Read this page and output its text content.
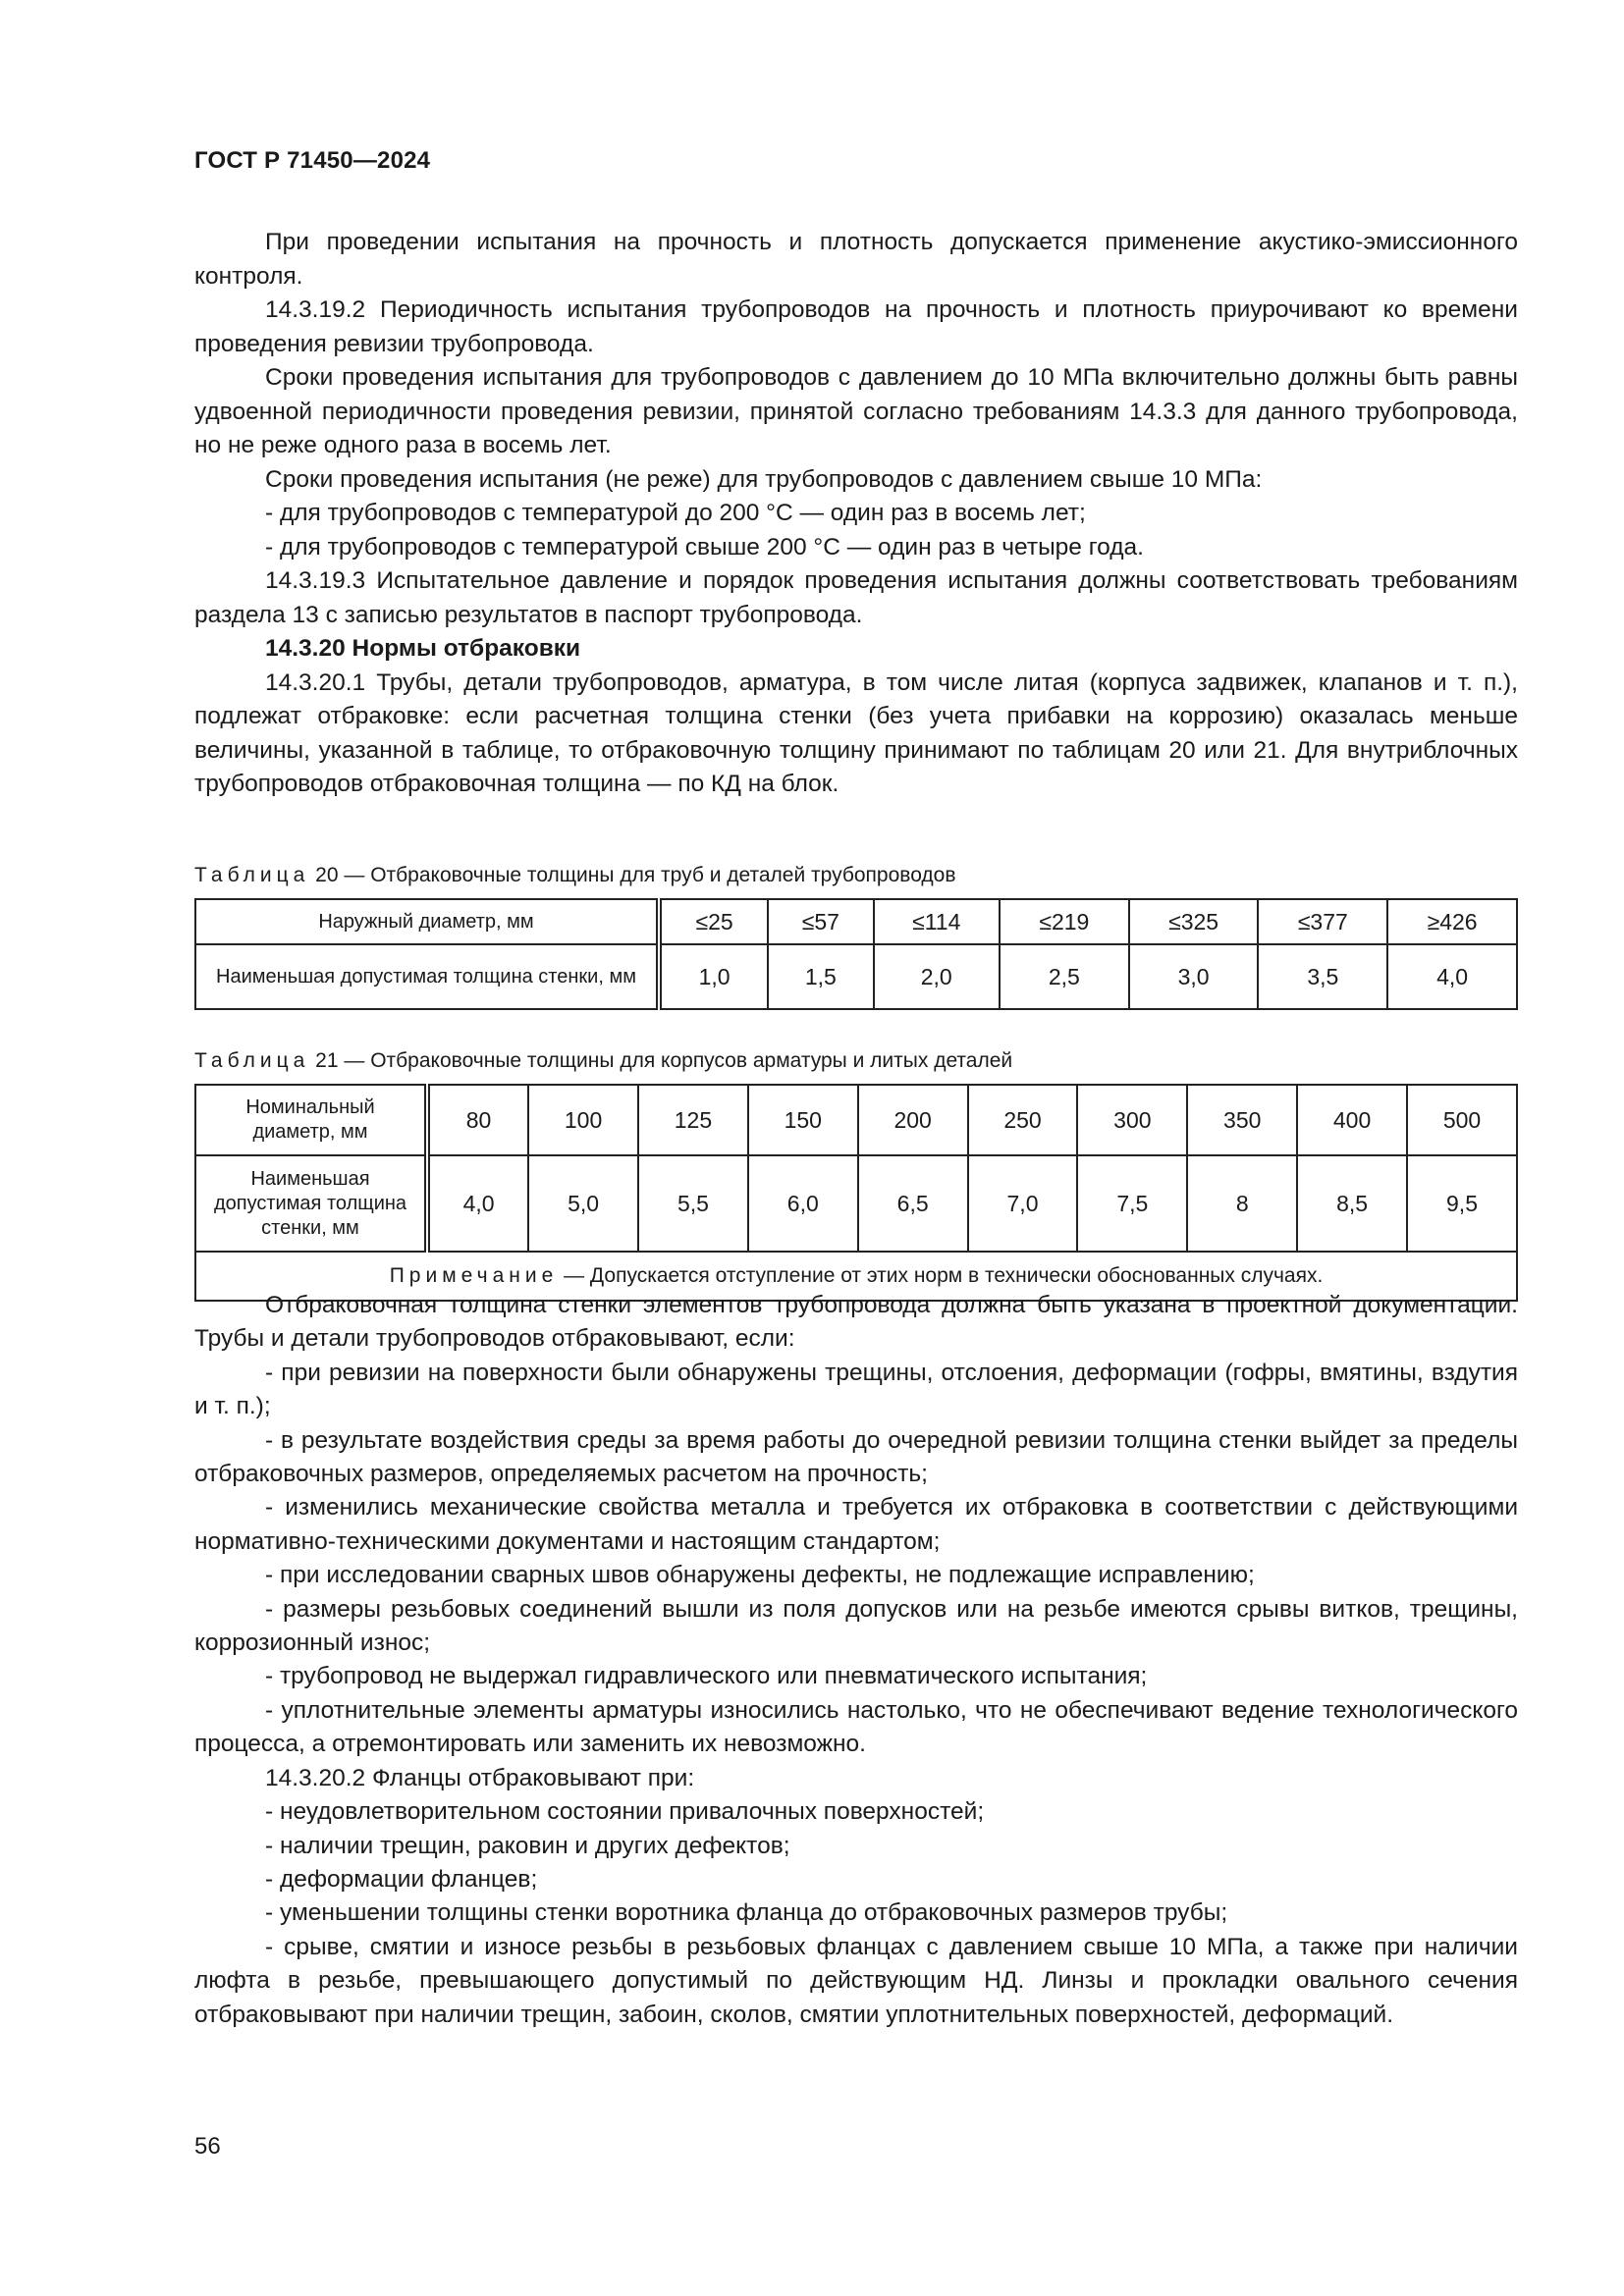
ГОСТ Р 71450—2024

При проведении испытания на прочность и плотность допускается применение акустико-эмиссионного контроля.

14.3.19.2 Периодичность испытания трубопроводов на прочность и плотность приурочивают ко времени проведения ревизии трубопровода.

Сроки проведения испытания для трубопроводов с давлением до 10 МПа включительно должны быть равны удвоенной периодичности проведения ревизии, принятой согласно требованиям 14.3.3 для данного трубопровода, но не реже одного раза в восемь лет.

Сроки проведения испытания (не реже) для трубопроводов с давлением свыше 10 МПа:

- для трубопроводов с температурой до 200 °С — один раз в восемь лет;

- для трубопроводов с температурой свыше 200 °С — один раз в четыре года.

14.3.19.3 Испытательное давление и порядок проведения испытания должны соответствовать требованиям раздела 13 с записью результатов в паспорт трубопровода.

14.3.20 Нормы отбраковки

14.3.20.1 Трубы, детали трубопроводов, арматура, в том числе литая (корпуса задвижек, клапанов и т. п.), подлежат отбраковке: если расчетная толщина стенки (без учета прибавки на коррозию) оказалась меньше величины, указанной в таблице, то отбраковочную толщину принимают по таблицам 20 или 21. Для внутриблочных трубопроводов отбраковочная толщина — по КД на блок.

Таблица 20 — Отбраковочные толщины для труб и деталей трубопроводов

Наружный диаметр, мм	≤25	≤57	≤114	≤219	≤325	≤377	≥426
Наименьшая допустимая толщина стенки, мм	1,0	1,5	2,0	2,5	3,0	3,5	4,0

Таблица 21 — Отбраковочные толщины для корпусов арматуры и литых деталей

Номинальный диаметр, мм	80	100	125	150	200	250	300	350	400	500
Наименьшая допустимая толщина стенки, мм	4,0	5,0	5,5	6,0	6,5	7,0	7,5	8	8,5	9,5
Примечание — Допускается отступление от этих норм в технически обоснованных случаях.										

Отбраковочная толщина стенки элементов трубопровода должна быть указана в проектной документации. Трубы и детали трубопроводов отбраковывают, если:

- при ревизии на поверхности были обнаружены трещины, отслоения, деформации (гофры, вмятины, вздутия и т. п.);

- в результате воздействия среды за время работы до очередной ревизии толщина стенки выйдет за пределы отбраковочных размеров, определяемых расчетом на прочность;

- изменились механические свойства металла и требуется их отбраковка в соответствии с действующими нормативно-техническими документами и настоящим стандартом;

- при исследовании сварных швов обнаружены дефекты, не подлежащие исправлению;

- размеры резьбовых соединений вышли из поля допусков или на резьбе имеются срывы витков, трещины, коррозионный износ;

- трубопровод не выдержал гидравлического или пневматического испытания;

- уплотнительные элементы арматуры износились настолько, что не обеспечивают ведение технологического процесса, а отремонтировать или заменить их невозможно.

14.3.20.2 Фланцы отбраковывают при:

- неудовлетворительном состоянии привалочных поверхностей;

- наличии трещин, раковин и других дефектов;

- деформации фланцев;

- уменьшении толщины стенки воротника фланца до отбраковочных размеров трубы;

- срыве, смятии и износе резьбы в резьбовых фланцах с давлением свыше 10 МПа, а также при наличии люфта в резьбе, превышающего допустимый по действующим НД. Линзы и прокладки овального сечения отбраковывают при наличии трещин, забоин, сколов, смятии уплотнительных поверхностей, деформаций.

56
